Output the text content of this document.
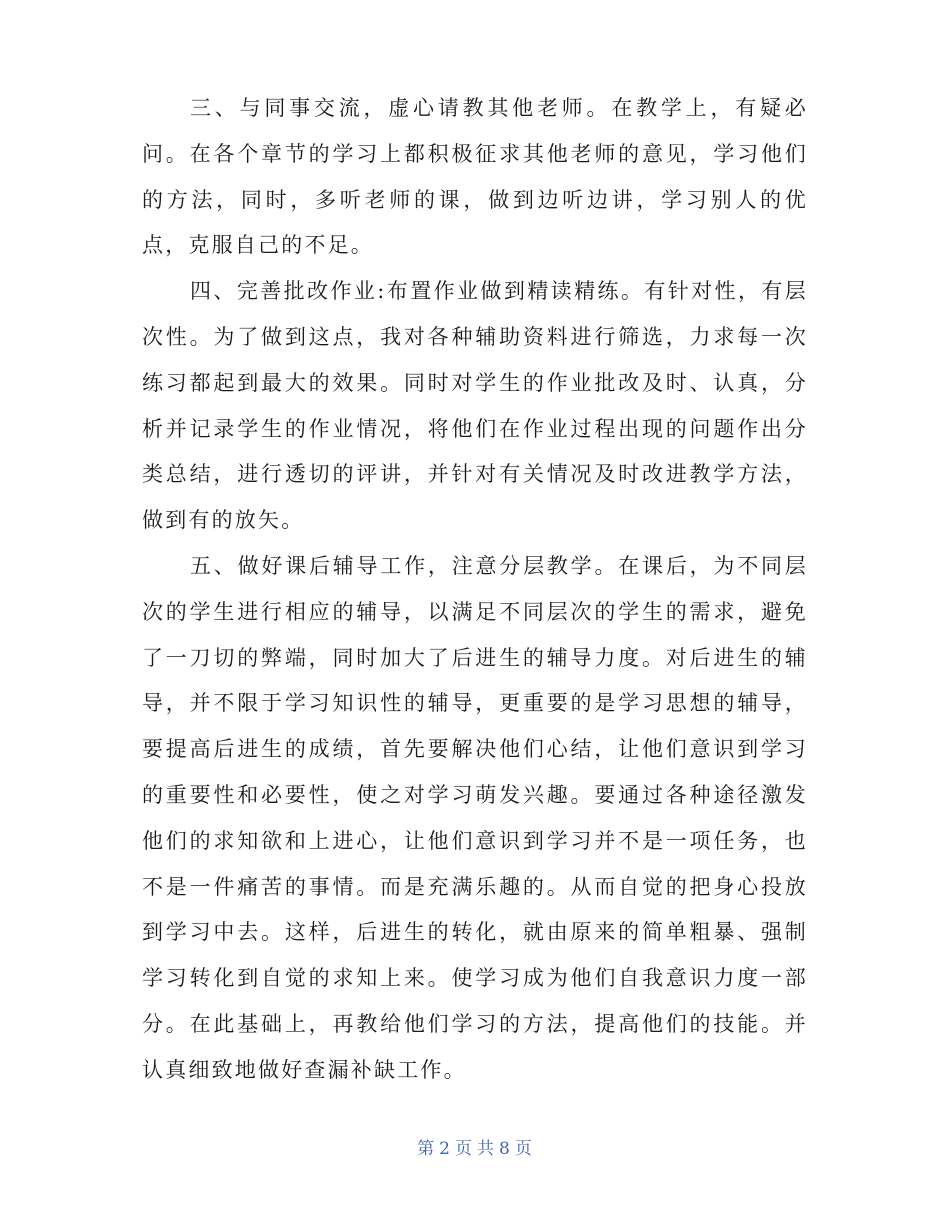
三、与同事交流，虚心请教其他老师。在教学上，有疑必问。在各个章节的学习上都积极征求其他老师的意见，学习他们的方法，同时，多听老师的课，做到边听边讲，学习别人的优点，克服自己的不足。

四、完善批改作业:布置作业做到精读精练。有针对性，有层次性。为了做到这点，我对各种辅助资料进行筛选，力求每一次练习都起到最大的效果。同时对学生的作业批改及时、认真，分析并记录学生的作业情况，将他们在作业过程出现的问题作出分类总结，进行透切的评讲，并针对有关情况及时改进教学方法，做到有的放矢。

五、做好课后辅导工作，注意分层教学。在课后，为不同层次的学生进行相应的辅导，以满足不同层次的学生的需求，避免了一刀切的弊端，同时加大了后进生的辅导力度。对后进生的辅导，并不限于学习知识性的辅导，更重要的是学习思想的辅导，要提高后进生的成绩，首先要解决他们心结，让他们意识到学习的重要性和必要性，使之对学习萌发兴趣。要通过各种途径激发他们的求知欲和上进心，让他们意识到学习并不是一项任务，也不是一件痛苦的事情。而是充满乐趣的。从而自觉的把身心投放到学习中去。这样，后进生的转化，就由原来的简单粗暴、强制学习转化到自觉的求知上来。使学习成为他们自我意识力度一部分。在此基础上，再教给他们学习的方法，提高他们的技能。并认真细致地做好查漏补缺工作。

第 2 页 共 8 页
